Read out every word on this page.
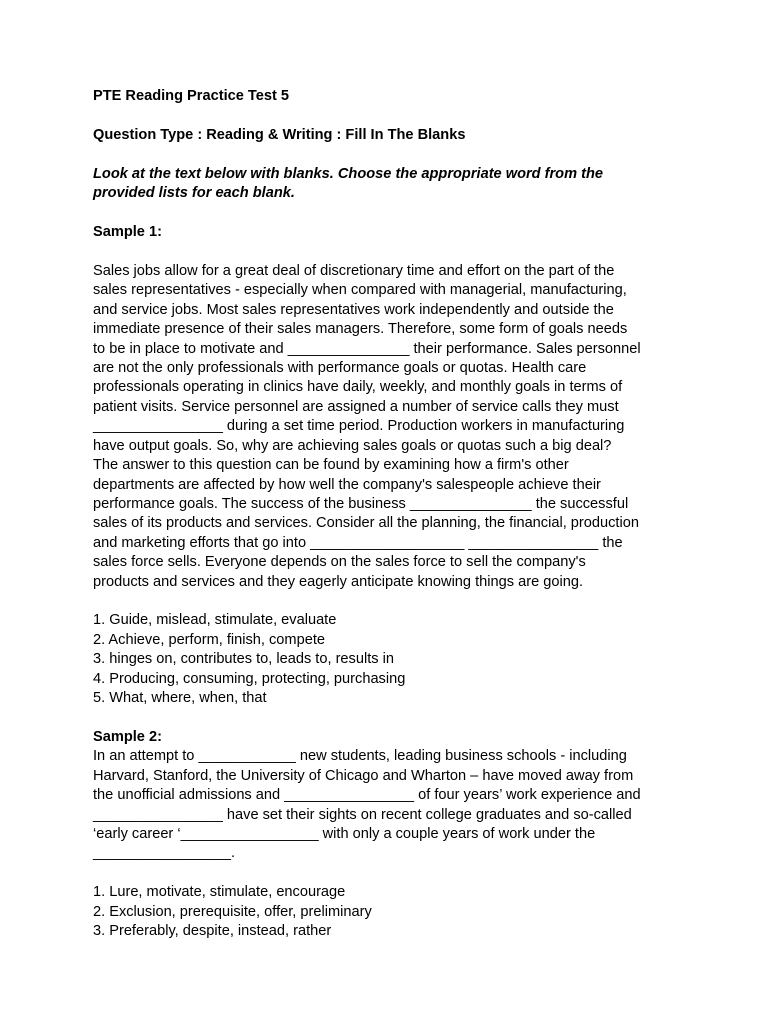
PTE Reading Practice Test 5

Question Type : Reading & Writing : Fill In The Blanks

Look at the text below with blanks. Choose the appropriate word from the
provided lists for each blank.

Sample 1:

Sales jobs allow for a great deal of discretionary time and effort on the part of the
sales representatives - especially when compared with managerial, manufacturing,
and service jobs. Most sales representatives work independently and outside the
immediate presence of their sales managers. Therefore, some form of goals needs
to be in place to motivate and _______________ their performance. Sales personnel
are not the only professionals with performance goals or quotas. Health care
professionals operating in clinics have daily, weekly, and monthly goals in terms of
patient visits. Service personnel are assigned a number of service calls they must
________________ during a set time period. Production workers in manufacturing
have output goals. So, why are achieving sales goals or quotas such a big deal?
The answer to this question can be found by examining how a firm's other
departments are affected by how well the company's salespeople achieve their
performance goals. The success of the business _______________ the successful
sales of its products and services. Consider all the planning, the financial, production
and marketing efforts that go into ___________________ ________________ the
sales force sells. Everyone depends on the sales force to sell the company's
products and services and they eagerly anticipate knowing things are going.

1. Guide, mislead, stimulate, evaluate
2. Achieve, perform, finish, compete
3. hinges on, contributes to, leads to, results in
4. Producing, consuming, protecting, purchasing
5. What, where, when, that

Sample 2:

In an attempt to ____________ new students, leading business schools - including
Harvard, Stanford, the University of Chicago and Wharton – have moved away from
the unofficial admissions and ________________ of four years’ work experience and
________________ have set their sights on recent college graduates and so-called
‘early career ‘_________________ with only a couple years of work under the
_________________.

1. Lure, motivate, stimulate, encourage
2. Exclusion, prerequisite, offer, preliminary
3. Preferably, despite, instead, rather
